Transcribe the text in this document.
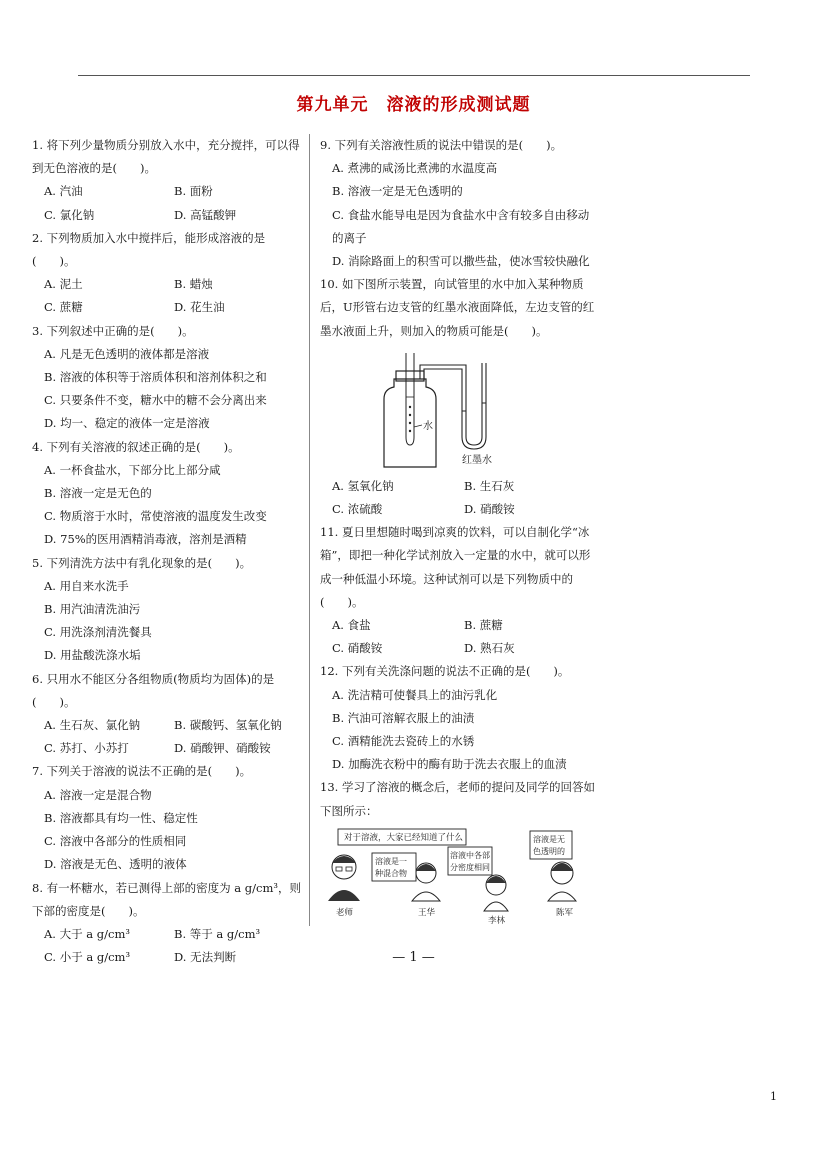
第九单元　溶液的形成测试题
1. 将下列少量物质分别放入水中，充分搅拌，可以得到无色溶液的是(　　)。
A. 汽油	B. 面粉
C. 氯化钠	D. 高锰酸钾
2. 下列物质加入水中搅拌后，能形成溶液的是(　　)。
A. 泥土	B. 蜡烛
C. 蔗糖	D. 花生油
3. 下列叙述中正确的是(　　)。
A. 凡是无色透明的液体都是溶液
B. 溶液的体积等于溶质体积和溶剂体积之和
C. 只要条件不变，糖水中的糖不会分离出来
D. 均一、稳定的液体一定是溶液
4. 下列有关溶液的叙述正确的是(　　)。
A. 一杯食盐水，下部分比上部分咸
B. 溶液一定是无色的
C. 物质溶于水时，常使溶液的温度发生改变
D. 75%的医用酒精消毒液，溶剂是酒精
5. 下列清洗方法中有乳化现象的是(　　)。
A. 用自来水洗手
B. 用汽油清洗油污
C. 用洗涤剂清洗餐具
D. 用盐酸洗涤水垢
6. 只用水不能区分各组物质(物质均为固体)的是(　　)。
A. 生石灰、氯化钠	B. 碳酸钙、氢氧化钠
C. 苏打、小苏打	D. 硝酸钾、硝酸铵
7. 下列关于溶液的说法不正确的是(　　)。
A. 溶液一定是混合物
B. 溶液都具有均一性、稳定性
C. 溶液中各部分的性质相同
D. 溶液是无色、透明的液体
8. 有一杯糖水，若已测得上部的密度为 a g/cm³，则下部的密度是(　　)。
A. 大于 a g/cm³	B. 等于 a g/cm³
C. 小于 a g/cm³	D. 无法判断
9. 下列有关溶液性质的说法中错误的是(　　)。
A. 煮沸的咸汤比煮沸的水温度高
B. 溶液一定是无色透明的
C. 食盐水能导电是因为食盐水中含有较多自由移动的离子
D. 消除路面上的积雪可以撒些盐，使冰雪较快融化
10. 如下图所示装置，向试管里的水中加入某种物质后，U形管右边支管的红墨水液面降低，左边支管的红墨水液面上升，则加入的物质可能是(　　)。
水
红墨水
A. 氢氧化钠	B. 生石灰
C. 浓硫酸	D. 硝酸铵
11. 夏日里想随时喝到凉爽的饮料，可以自制化学“冰箱”，即把一种化学试剂放入一定量的水中，就可以形成一种低温小环境。这种试剂可以是下列物质中的(　　)。
A. 食盐	B. 蔗糖
C. 硝酸铵	D. 熟石灰
12. 下列有关洗涤问题的说法不正确的是(　　)。
A. 洗洁精可使餐具上的油污乳化
B. 汽油可溶解衣服上的油渍
C. 酒精能洗去瓷砖上的水锈
D. 加酶洗衣粉中的酶有助于洗去衣服上的血渍
13. 学习了溶液的概念后，老师的提问及同学的回答如下图所示：
对于溶液，大家已经知道了什么
老师
溶液是一
种混合物
王华
溶液中各部
分密度相同
李林
溶液是无
色透明的
陈军
— 1 —
1
